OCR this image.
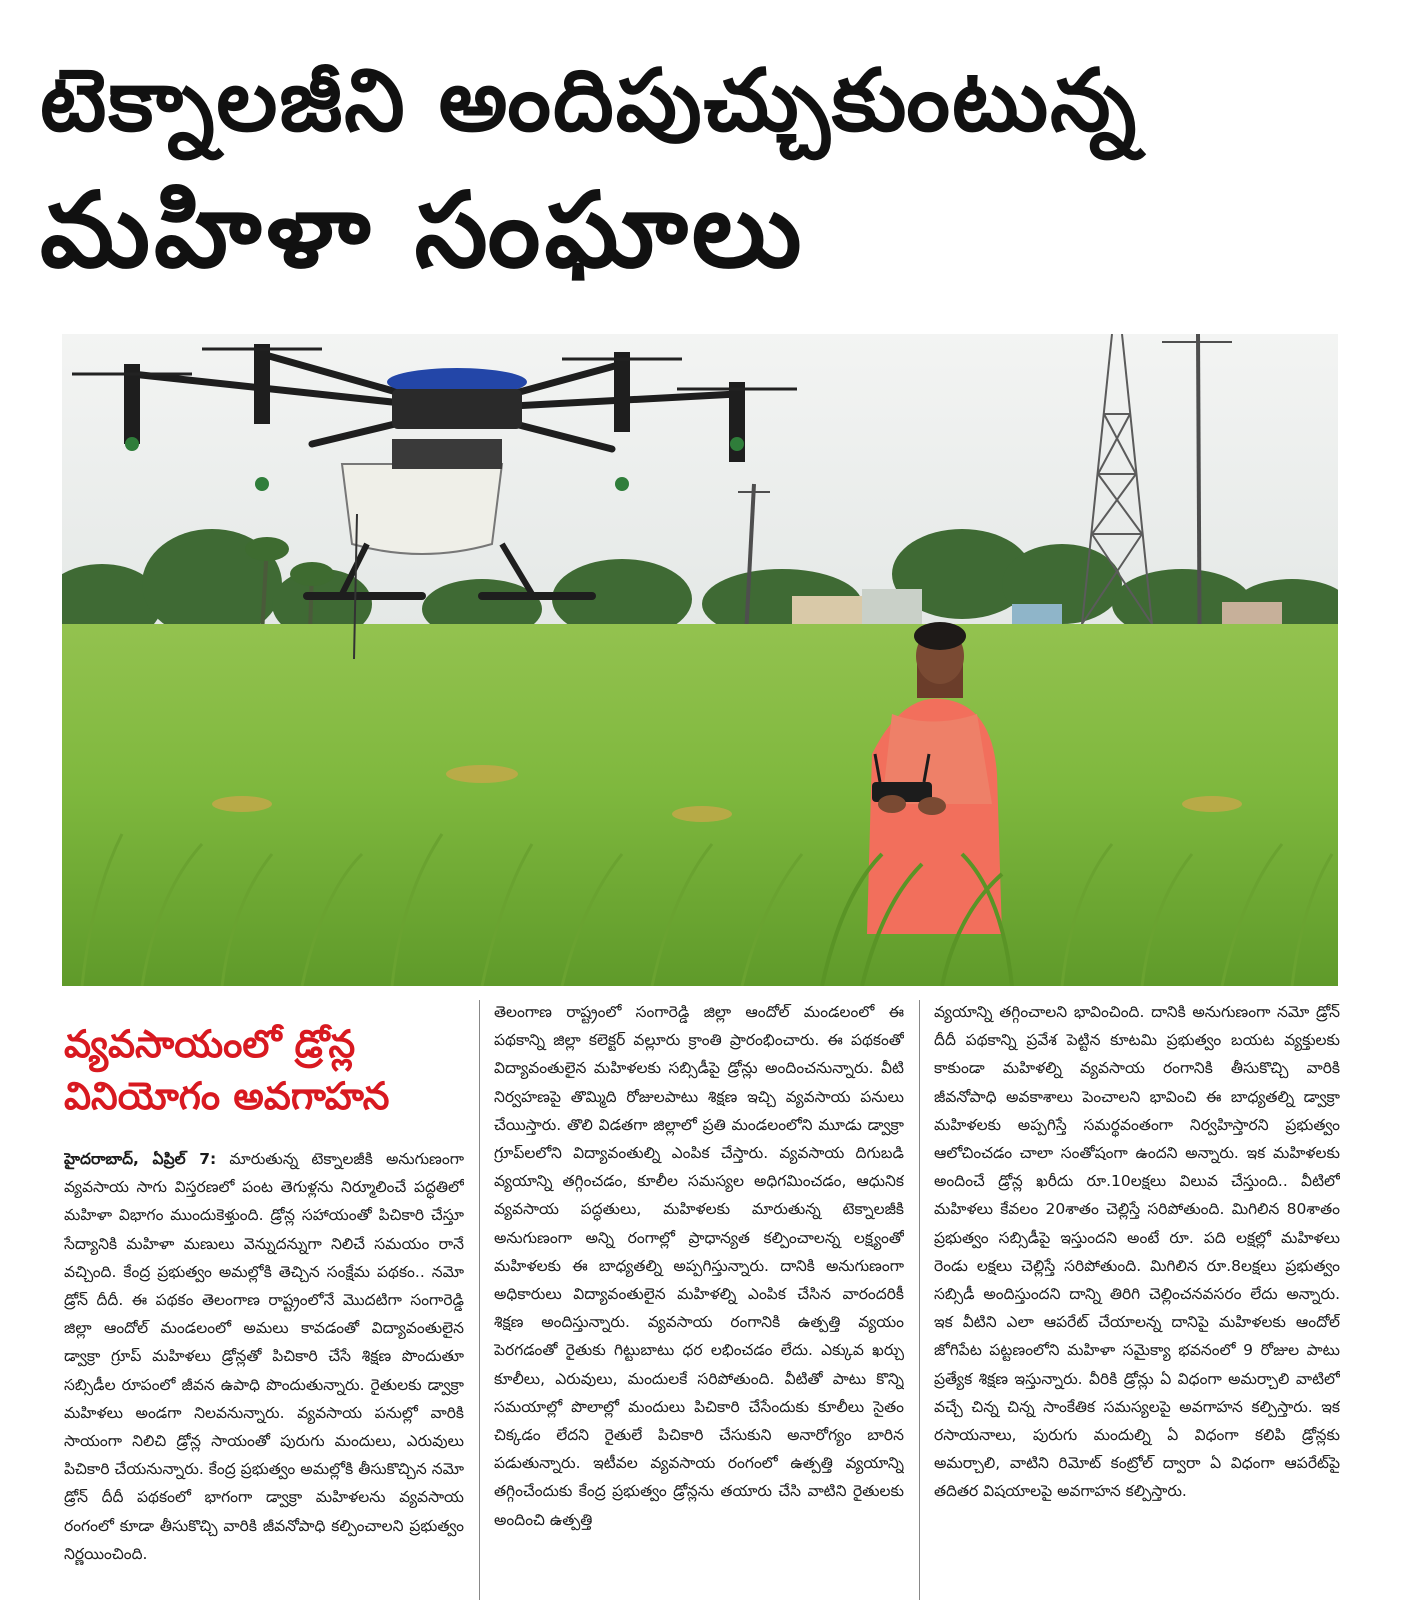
టెక్నాలజీని అందిపుచ్చుకుంటున్న
మహిళా సంఘాలు
వ్యవసాయంలో డ్రోన్ల
వినియోగం అవగాహన

హైదరాబాద్, ఏప్రిల్ 7: మారుతున్న టెక్నాలజీకి అనుగుణంగా వ్యవసాయ సాగు విస్తరణలో పంట తెగుళ్లను నిర్మూలించే పద్ధతిలో మహిళా విభాగం ముందుకెళ్తుంది. డ్రోన్ల సహాయంతో పిచికారి చేస్తూ సేద్యానికి మహిళా మణులు వెన్నుదన్నుగా నిలిచే సమయం రానే వచ్చింది. కేంద్ర ప్రభుత్వం అమల్లోకి తెచ్చిన సంక్షేమ పథకం.. నమో డ్రోన్ దీదీ. ఈ పథకం తెలంగాణ రాష్ట్రంలోనే మొదటిగా సంగారెడ్డి జిల్లా ఆందోల్ మండలంలో అమలు కావడంతో విద్యావంతులైన డ్వాక్రా గ్రూప్ మహిళలు డ్రోన్లతో పిచికారి చేసే శిక్షణ పొందుతూ సబ్సిడీల రూపంలో జీవన ఉపాధి పొందుతున్నారు. రైతులకు డ్వాక్రా మహిళలు అండగా నిలవనున్నారు. వ్యవసాయ పనుల్లో వారికి సాయంగా నిలిచి డ్రోన్ల సాయంతో పురుగు మందులు, ఎరువులు పిచికారి చేయనున్నారు. కేంద్ర ప్రభుత్వం అమల్లోకి తీసుకొచ్చిన నమో డ్రోన్ దీదీ పథకంలో భాగంగా డ్వాక్రా మహిళలను వ్యవసాయ రంగంలో కూడా తీసుకొచ్చి వారికి జీవనోపాధి కల్పించాలని ప్రభుత్వం నిర్ణయించింది.

తెలంగాణ రాష్ట్రంలో సంగారెడ్డి జిల్లా ఆందోల్ మండలంలో ఈ పథకాన్ని జిల్లా కలెక్టర్ వల్లూరు క్రాంతి ప్రారంభించారు. ఈ పథకంతో విద్యావంతులైన మహిళలకు సబ్సిడీపై డ్రోన్లు అందించనున్నారు. వీటి నిర్వహణపై తొమ్మిది రోజులపాటు శిక్షణ ఇచ్చి వ్యవసాయ పనులు చేయిస్తారు. తొలి విడతగా జిల్లాలో ప్రతి మండలంలోని మూడు డ్వాక్రా గ్రూప్‌లలోని విద్యావంతుల్ని ఎంపిక చేస్తారు. వ్యవసాయ దిగుబడి వ్యయాన్ని తగ్గించడం, కూలీల సమస్యల అధిగమించడం, ఆధునిక వ్యవసాయ పద్ధతులు, మహిళలకు మారుతున్న టెక్నాలజీకి అనుగుణంగా అన్ని రంగాల్లో ప్రాధాన్యత కల్పించాలన్న లక్ష్యంతో మహిళలకు ఈ బాధ్యతల్ని అప్పగిస్తున్నారు. దానికి అనుగుణంగా అధికారులు విద్యావంతులైన మహిళల్ని ఎంపిక చేసిన వారందరికీ శిక్షణ అందిస్తున్నారు. వ్యవసాయ రంగానికి ఉత్పత్తి వ్యయం పెరగడంతో రైతుకు గిట్టుబాటు ధర లభించడం లేదు. ఎక్కువ ఖర్చు కూలీలు, ఎరువులు, మందులకే సరిపోతుంది. వీటితో పాటు కొన్ని సమయాల్లో పొలాల్లో మందులు పిచికారి చేసేందుకు కూలీలు సైతం చిక్కడం లేదని రైతులే పిచికారి చేసుకుని అనారోగ్యం బారిన పడుతున్నారు. ఇటీవల వ్యవసాయ రంగంలో ఉత్పత్తి వ్యయాన్ని తగ్గించేందుకు కేంద్ర ప్రభుత్వం డ్రోన్లను తయారు చేసి వాటిని రైతులకు అందించి ఉత్పత్తి

వ్యయాన్ని తగ్గించాలని భావించింది. దానికి అనుగుణంగా నమో డ్రోన్ దీదీ పథకాన్ని ప్రవేశ పెట్టిన కూటమి ప్రభుత్వం బయట వ్యక్తులకు కాకుండా మహిళల్ని వ్యవసాయ రంగానికి తీసుకొచ్చి వారికి జీవనోపాధి అవకాశాలు పెంచాలని భావించి ఈ బాధ్యతల్ని డ్వాక్రా మహిళలకు అప్పగిస్తే సమర్థవంతంగా నిర్వహిస్తారని ప్రభుత్వం ఆలోచించడం చాలా సంతోషంగా ఉందని అన్నారు. ఇక మహిళలకు అందించే డ్రోన్ల ఖరీదు రూ.10లక్షలు విలువ చేస్తుంది.. వీటిలో మహిళలు కేవలం 20శాతం చెల్లిస్తే సరిపోతుంది. మిగిలిన 80శాతం ప్రభుత్వం సబ్సిడీపై ఇస్తుందని అంటే రూ. పది లక్షల్లో మహిళలు రెండు లక్షలు చెల్లిస్తే సరిపోతుంది. మిగిలిన రూ.8లక్షలు ప్రభుత్వం సబ్సిడీ అందిస్తుందని దాన్ని తిరిగి చెల్లించనవసరం లేదు అన్నారు. ఇక వీటిని ఎలా ఆపరేట్ చేయాలన్న దానిపై మహిళలకు ఆందోల్ జోగిపేట పట్టణంలోని మహిళా సమైక్యా భవనంలో 9 రోజుల పాటు ప్రత్యేక శిక్షణ ఇస్తున్నారు. వీరికి డ్రోన్లు ఏ విధంగా అమర్చాలి వాటిలో వచ్చే చిన్న చిన్న సాంకేతిక సమస్యలపై అవగాహన కల్పిస్తారు. ఇక రసాయనాలు, పురుగు మందుల్ని ఏ విధంగా కలిపి డ్రోన్లకు అమర్చాలి, వాటిని రిమోట్ కంట్రోల్ ద్వారా ఏ విధంగా ఆపరేట్‌పై తదితర విషయాలపై అవగాహన కల్పిస్తారు.
